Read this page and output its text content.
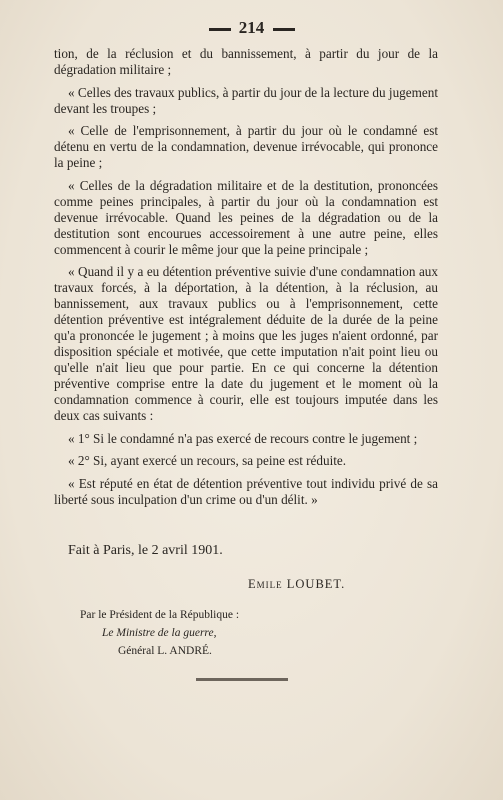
214

tion, de la réclusion et du bannissement, à partir du jour de la dégradation militaire ;

« Celles des travaux publics, à partir du jour de la lecture du jugement devant les troupes ;

« Celle de l'emprisonnement, à partir du jour où le condamné est détenu en vertu de la condamnation, devenue irrévocable, qui prononce la peine ;

« Celles de la dégradation militaire et de la destitution, prononcées comme peines principales, à partir du jour où la condamnation est devenue irrévocable. Quand les peines de la dégradation ou de la destitution sont encourues accessoirement à une autre peine, elles commencent à courir le même jour que la peine principale ;

« Quand il y a eu détention préventive suivie d'une condamnation aux travaux forcés, à la déportation, à la détention, à la réclusion, au bannissement, aux travaux publics ou à l'emprisonnement, cette détention préventive est intégralement déduite de la durée de la peine qu'a prononcée le jugement ; à moins que les juges n'aient ordonné, par disposition spéciale et motivée, que cette imputation n'ait point lieu ou qu'elle n'ait lieu que pour partie. En ce qui concerne la détention préventive comprise entre la date du jugement et le moment où la condamnation commence à courir, elle est toujours imputée dans les deux cas suivants :

« 1° Si le condamné n'a pas exercé de recours contre le jugement ;

« 2° Si, ayant exercé un recours, sa peine est réduite.

« Est réputé en état de détention préventive tout individu privé de sa liberté sous inculpation d'un crime ou d'un délit. »

Fait à Paris, le 2 avril 1901.
Emile LOUBET.
Par le Président de la République :
Le Ministre de la guerre,
Général L. ANDRÉ.
